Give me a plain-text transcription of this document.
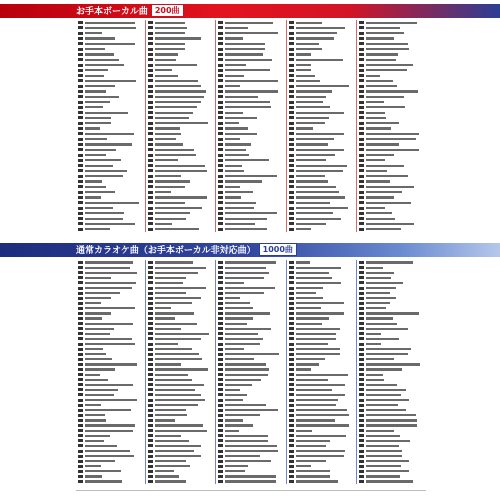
お手本ボーカル曲 200曲
通常カラオケ曲（お手本ボーカル非対応曲） 1000曲
